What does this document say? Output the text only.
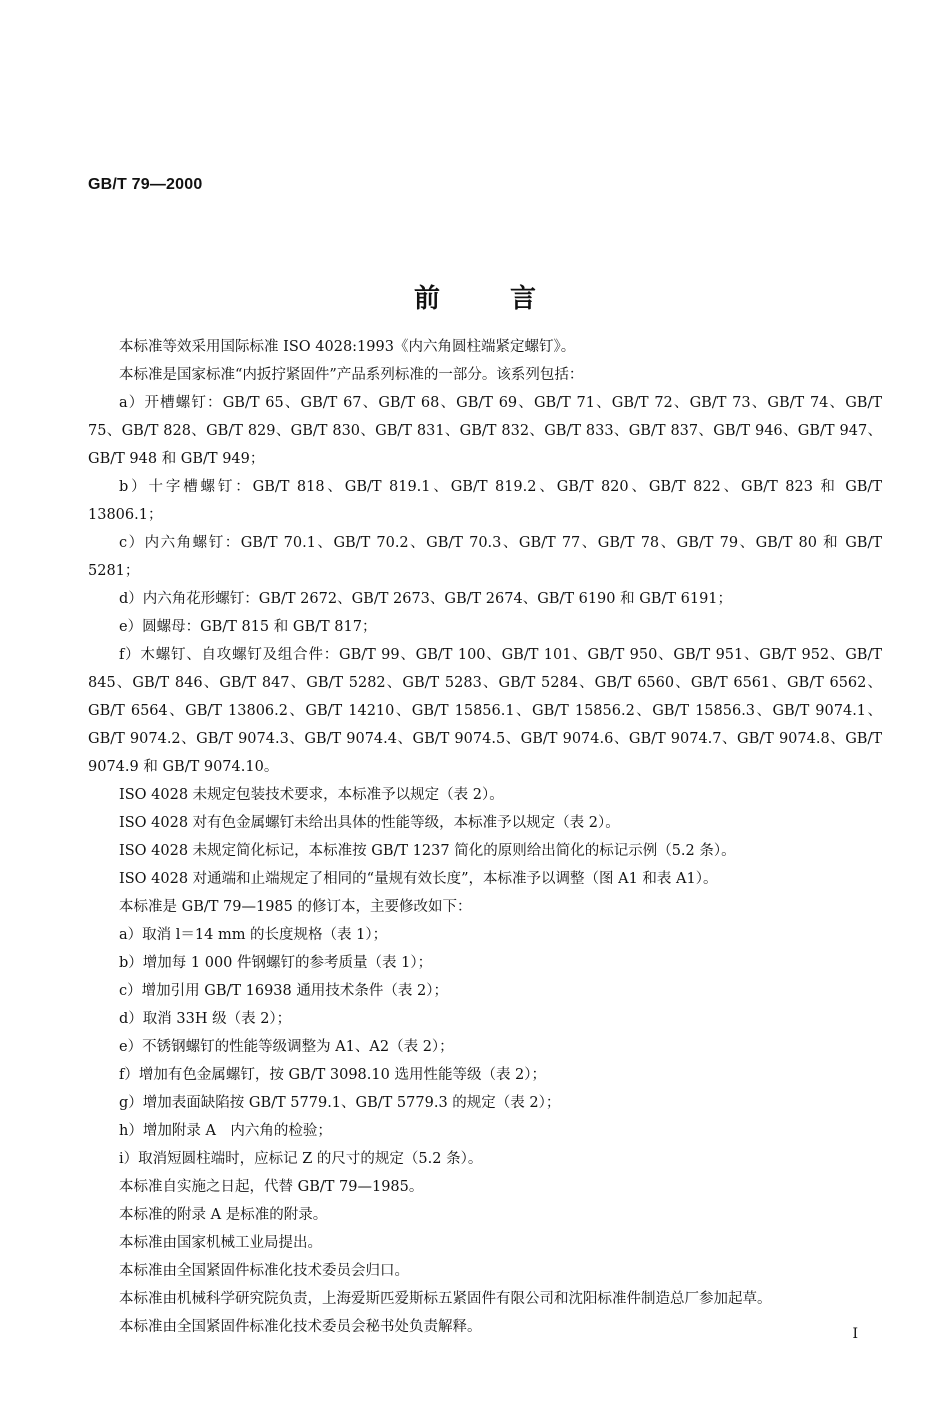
GB/T 79—2000
前	言

本标准等效采用国际标准 ISO 4028:1993《内六角圆柱端紧定螺钉》。

本标准是国家标准“内扳拧紧固件”产品系列标准的一部分。该系列包括：

a）开槽螺钉：GB/T 65、GB/T 67、GB/T 68、GB/T 69、GB/T 71、GB/T 72、GB/T 73、GB/T 74、GB/T 75、GB/T 828、GB/T 829、GB/T 830、GB/T 831、GB/T 832、GB/T 833、GB/T 837、GB/T 946、GB/T 947、GB/T 948 和 GB/T 949；

b）十字槽螺钉：GB/T 818、GB/T 819.1、GB/T 819.2、GB/T 820、GB/T 822、GB/T 823 和 GB/T 13806.1；

c）内六角螺钉：GB/T 70.1、GB/T 70.2、GB/T 70.3、GB/T 77、GB/T 78、GB/T 79、GB/T 80 和 GB/T 5281；

d）内六角花形螺钉：GB/T 2672、GB/T 2673、GB/T 2674、GB/T 6190 和 GB/T 6191；

e）圆螺母：GB/T 815 和 GB/T 817；

f）木螺钉、自攻螺钉及组合件：GB/T 99、GB/T 100、GB/T 101、GB/T 950、GB/T 951、GB/T 952、GB/T 845、GB/T 846、GB/T 847、GB/T 5282、GB/T 5283、GB/T 5284、GB/T 6560、GB/T 6561、GB/T 6562、GB/T 6564、GB/T 13806.2、GB/T 14210、GB/T 15856.1、GB/T 15856.2、GB/T 15856.3、GB/T 9074.1、GB/T 9074.2、GB/T 9074.3、GB/T 9074.4、GB/T 9074.5、GB/T 9074.6、GB/T 9074.7、GB/T 9074.8、GB/T 9074.9 和 GB/T 9074.10。

ISO 4028 未规定包装技术要求，本标准予以规定（表 2）。

ISO 4028 对有色金属螺钉未给出具体的性能等级，本标准予以规定（表 2）。

ISO 4028 未规定简化标记，本标准按 GB/T 1237 简化的原则给出简化的标记示例（5.2 条）。

ISO 4028 对通端和止端规定了相同的“量规有效长度”，本标准予以调整（图 A1 和表 A1）。

本标准是 GB/T 79—1985 的修订本，主要修改如下：

a）取消 l＝14 mm 的长度规格（表 1）；

b）增加每 1 000 件钢螺钉的参考质量（表 1）；

c）增加引用 GB/T 16938 通用技术条件（表 2）；

d）取消 33H 级（表 2）；

e）不锈钢螺钉的性能等级调整为 A1、A2（表 2）；

f）增加有色金属螺钉，按 GB/T 3098.10 选用性能等级（表 2）；

g）增加表面缺陷按 GB/T 5779.1、GB/T 5779.3 的规定（表 2）；

h）增加附录 A　内六角的检验；

i）取消短圆柱端时，应标记 Z 的尺寸的规定（5.2 条）。

本标准自实施之日起，代替 GB/T 79—1985。

本标准的附录 A 是标准的附录。

本标准由国家机械工业局提出。

本标准由全国紧固件标准化技术委员会归口。

本标准由机械科学研究院负责，上海爱斯匹爱斯标五紧固件有限公司和沈阳标准件制造总厂参加起草。

本标准由全国紧固件标准化技术委员会秘书处负责解释。	I
